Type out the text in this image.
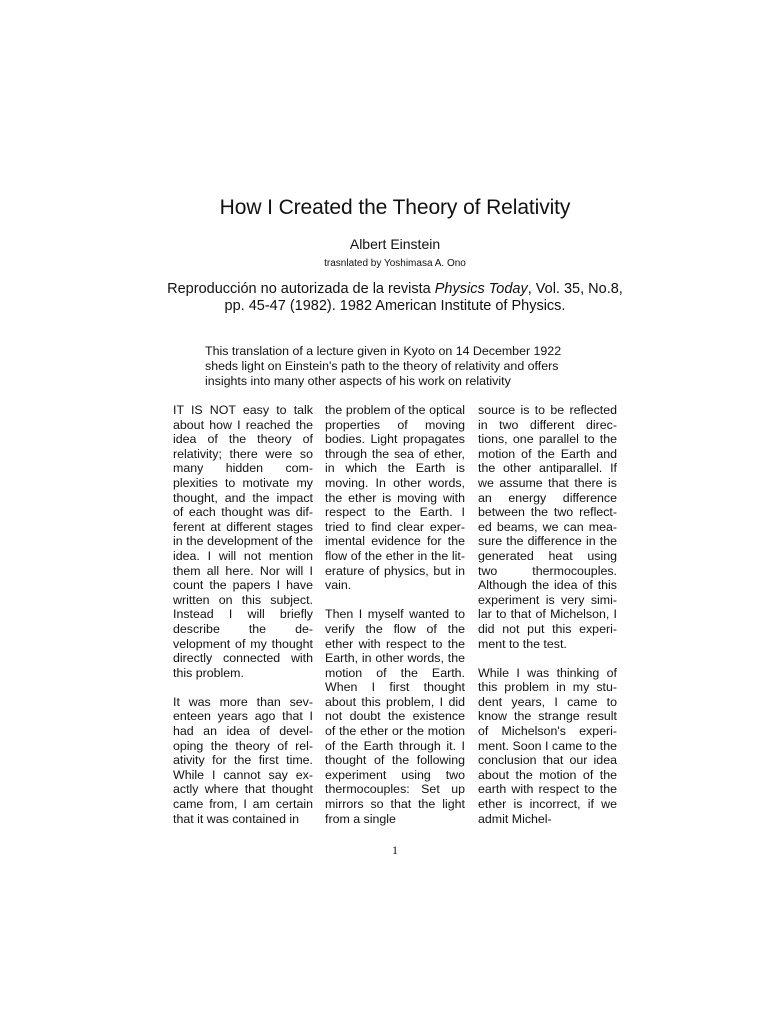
How I Created the Theory of Relativity
Albert Einstein
trasnlated by Yoshimasa A. Ono
Reproducción no autorizada de la revista Physics Today, Vol. 35, No.8, pp. 45-47 (1982). 1982 American Institute of Physics.
This translation of a lecture given in Kyoto on 14 December 1922 sheds light on Einstein's path to the theory of relativity and offers insights into many other aspects of his work on relativity

IT IS NOT easy to talk about how I reached the idea of the theory of relativity; there were so many hidden complexities to motivate my thought, and the impact of each thought was different at different stages in the development of the idea. I will not mention them all here. Nor will I count the papers I have written on this subject. Instead I will briefly describe the development of my thought directly connected with this problem.

It was more than seventeen years ago that I had an idea of developing the theory of relativity for the first time. While I cannot say exactly where that thought came from, I am certain that it was contained in

the problem of the optical properties of moving bodies. Light propagates through the sea of ether, in which the Earth is moving. In other words, the ether is moving with respect to the Earth. I tried to find clear experimental evidence for the flow of the ether in the literature of physics, but in vain.

Then I myself wanted to verify the flow of the ether with respect to the Earth, in other words, the motion of the Earth. When I first thought about this problem, I did not doubt the existence of the ether or the motion of the Earth through it. I thought of the following experiment using two thermocouples: Set up mirrors so that the light from a single

source is to be reflected in two different directions, one parallel to the motion of the Earth and the other antiparallel. If we assume that there is an energy difference between the two reflected beams, we can measure the difference in the generated heat using two thermocouples. Although the idea of this experiment is very similar to that of Michelson, I did not put this experiment to the test.

While I was thinking of this problem in my student years, I came to know the strange result of Michelson's experiment. Soon I came to the conclusion that our idea about the motion of the earth with respect to the ether is incorrect, if we admit Michel-

1
